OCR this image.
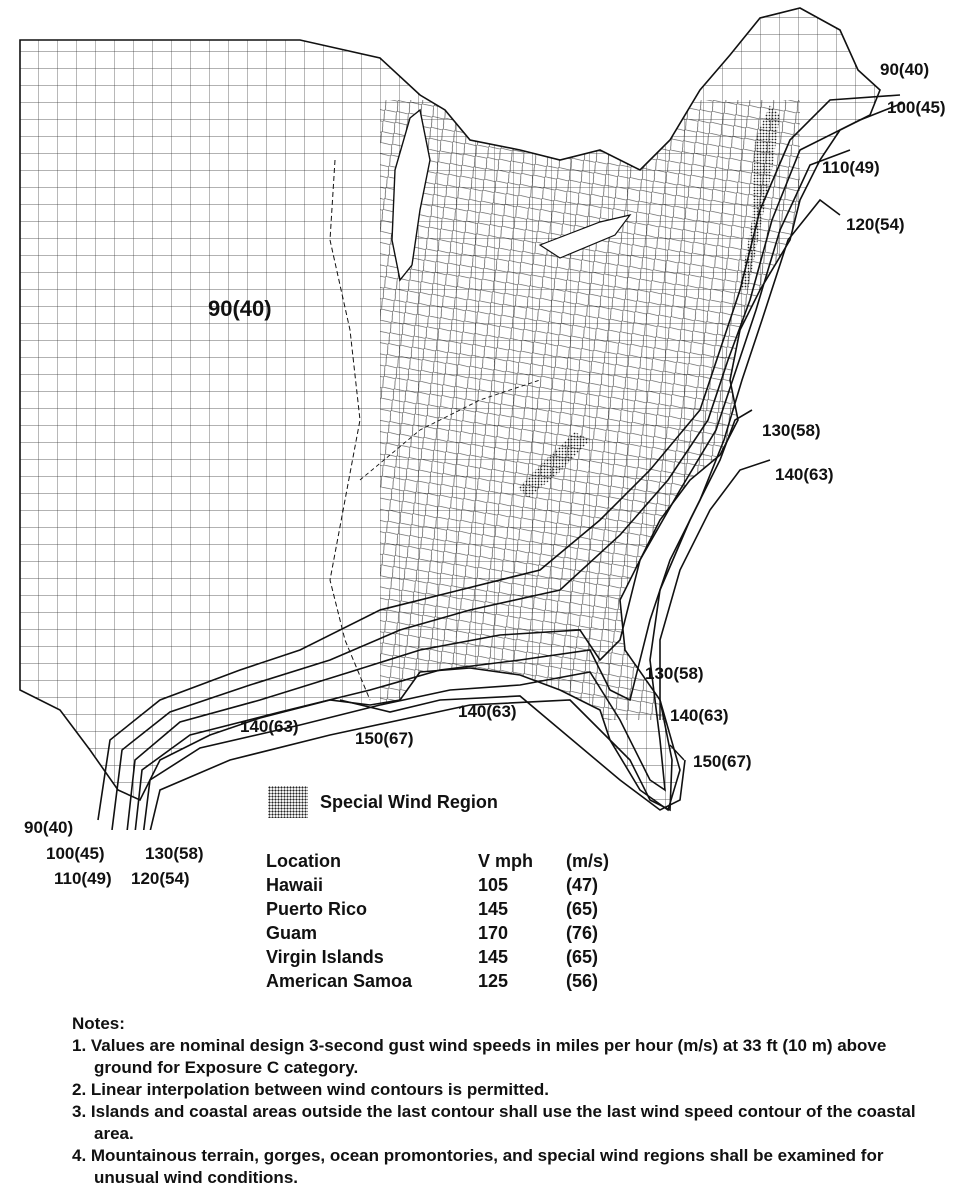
90(40)
90(40)
100(45)
110(49)
120(54)
130(58)
140(63)
130(58)
140(63)
150(67)
140(63)
140(63)
150(67)
90(40)
100(45) 130(58)
110(49) 120(54)
Special Wind Region
Location	V mph	(m/s)
Hawaii	105	(47)
Puerto Rico	145	(65)
Guam	170	(76)
Virgin Islands	145	(65)
American Samoa	125	(56)
Notes:
1. Values are nominal design 3-second gust wind speeds in miles per hour (m/s) at 33 ft (10 m) above ground for Exposure C category.
2. Linear interpolation between wind contours is permitted.
3. Islands and coastal areas outside the last contour shall use the last wind speed contour of the coastal area.
4. Mountainous terrain, gorges, ocean promontories, and special wind regions shall be examined for unusual wind conditions.
